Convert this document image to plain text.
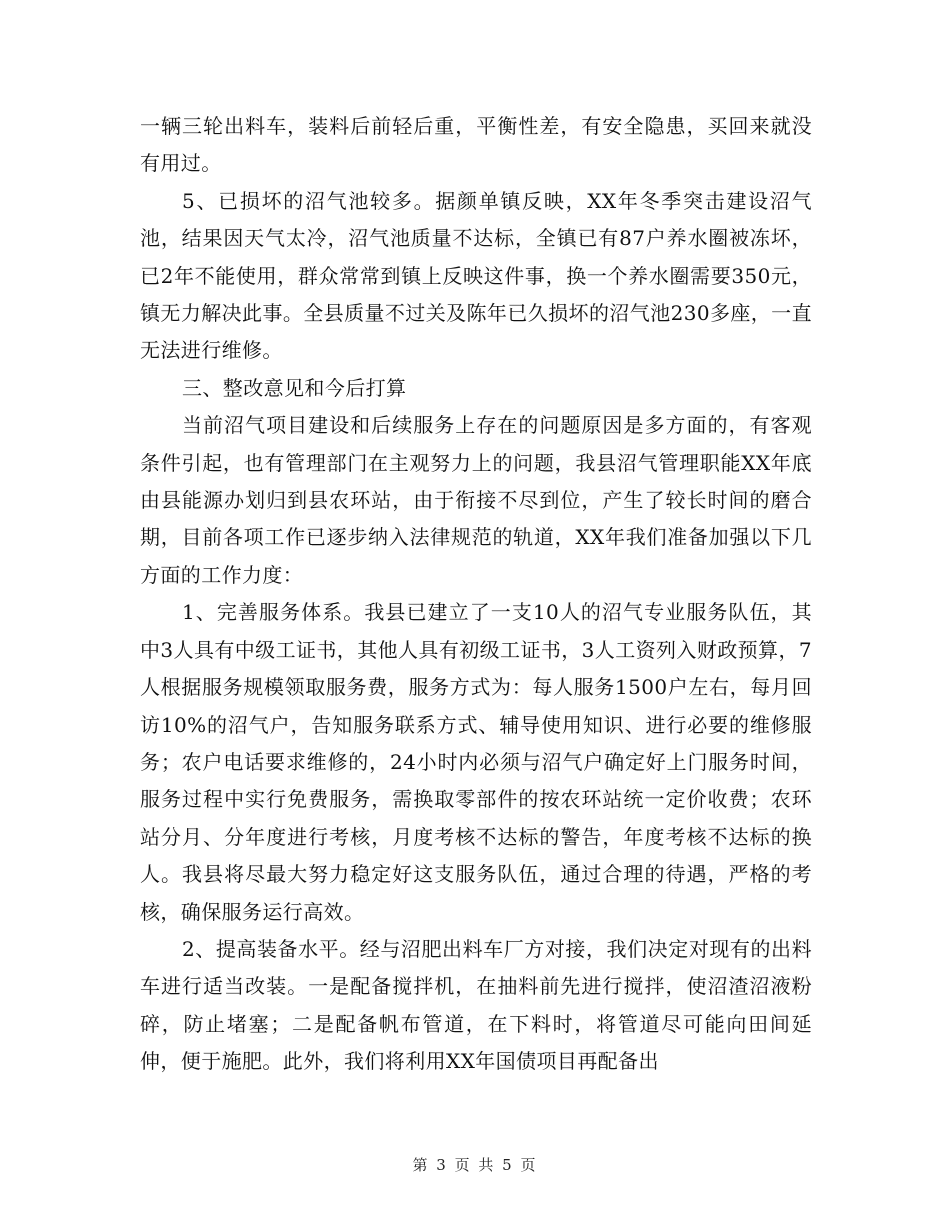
一辆三轮出料车，装料后前轻后重，平衡性差，有安全隐患，买回来就没有用过。

5、已损坏的沼气池较多。据颜单镇反映，XX年冬季突击建设沼气池，结果因天气太冷，沼气池质量不达标，全镇已有87户养水圈被冻坏，已2年不能使用，群众常常到镇上反映这件事，换一个养水圈需要350元，镇无力解决此事。全县质量不过关及陈年已久损坏的沼气池230多座，一直无法进行维修。

三、整改意见和今后打算

当前沼气项目建设和后续服务上存在的问题原因是多方面的，有客观条件引起，也有管理部门在主观努力上的问题，我县沼气管理职能XX年底由县能源办划归到县农环站，由于衔接不尽到位，产生了较长时间的磨合期，目前各项工作已逐步纳入法律规范的轨道，XX年我们准备加强以下几方面的工作力度：

1、完善服务体系。我县已建立了一支10人的沼气专业服务队伍，其中3人具有中级工证书，其他人具有初级工证书，3人工资列入财政预算，7人根据服务规模领取服务费，服务方式为：每人服务1500户左右，每月回访10%的沼气户，告知服务联系方式、辅导使用知识、进行必要的维修服务；农户电话要求维修的，24小时内必须与沼气户确定好上门服务时间，服务过程中实行免费服务，需换取零部件的按农环站统一定价收费；农环站分月、分年度进行考核，月度考核不达标的警告，年度考核不达标的换人。我县将尽最大努力稳定好这支服务队伍，通过合理的待遇，严格的考核，确保服务运行高效。

2、提高装备水平。经与沼肥出料车厂方对接，我们决定对现有的出料车进行适当改装。一是配备搅拌机，在抽料前先进行搅拌，使沼渣沼液粉碎，防止堵塞；二是配备帆布管道，在下料时，将管道尽可能向田间延伸，便于施肥。此外，我们将利用XX年国债项目再配备出

第 3 页 共 5 页
